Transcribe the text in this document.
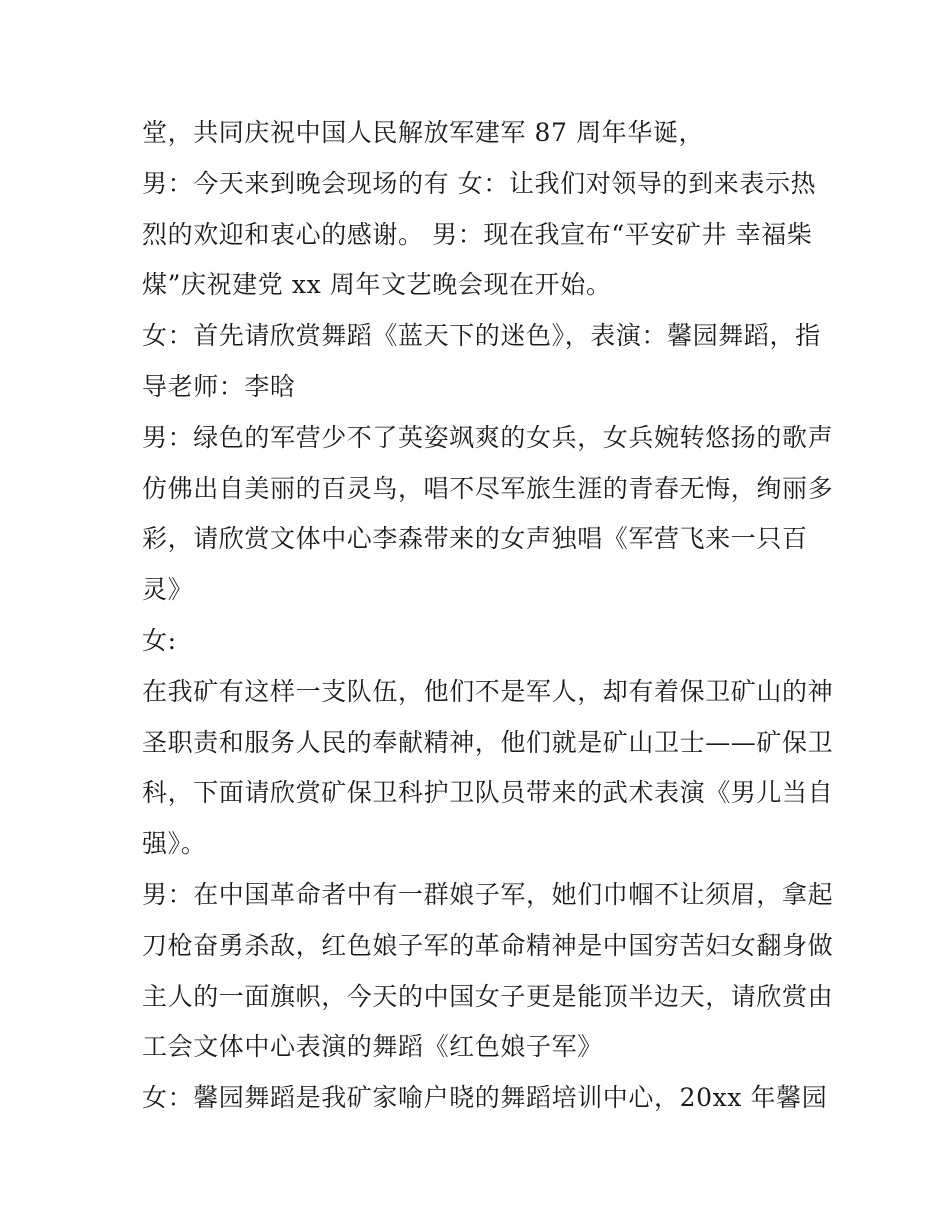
堂，共同庆祝中国人民解放军建军 87 周年华诞，
男：今天来到晚会现场的有 女：让我们对领导的到来表示热
烈的欢迎和衷心的感谢。 男：现在我宣布“平安矿井 幸福柴
煤”庆祝建党 xx 周年文艺晚会现在开始。
女：首先请欣赏舞蹈《蓝天下的迷色》，表演：馨园舞蹈，指
导老师：李晗
男：绿色的军营少不了英姿飒爽的女兵，女兵婉转悠扬的歌声
仿佛出自美丽的百灵鸟，唱不尽军旅生涯的青春无悔，绚丽多
彩，请欣赏文体中心李森带来的女声独唱《军营飞来一只百
灵》
女:
在我矿有这样一支队伍，他们不是军人，却有着保卫矿山的神
圣职责和服务人民的奉献精神，他们就是矿山卫士——矿保卫
科，下面请欣赏矿保卫科护卫队员带来的武术表演《男儿当自
强》。
男：在中国革命者中有一群娘子军，她们巾帼不让须眉，拿起
刀枪奋勇杀敌，红色娘子军的革命精神是中国穷苦妇女翻身做
主人的一面旗帜，今天的中国女子更是能顶半边天，请欣赏由
工会文体中心表演的舞蹈《红色娘子军》
女：馨园舞蹈是我矿家喻户晓的舞蹈培训中心，20xx 年馨园
